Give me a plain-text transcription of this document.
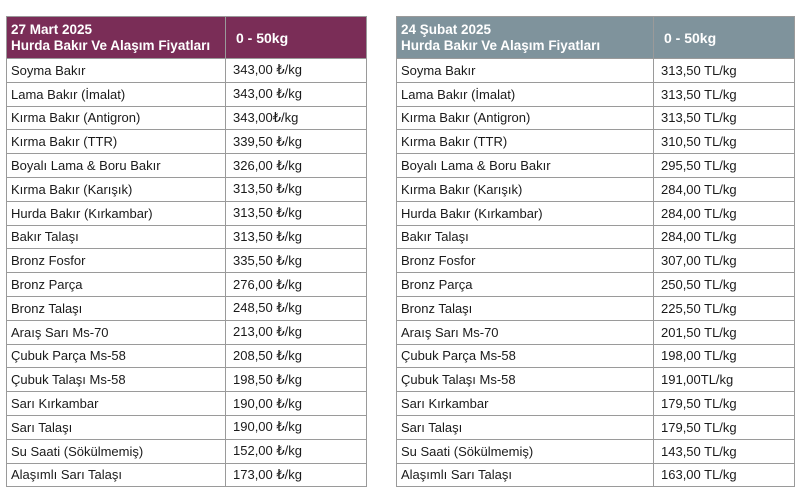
27 Mart 2025
Hurda Bakır Ve Alaşım Fiyatları	0 - 50kg
Soyma Bakır	343,00 ₺/kg
Lama Bakır (İmalat)	343,00 ₺/kg
Kırma Bakır (Antigron)	343,00₺/kg
Kırma Bakır (TTR)	339,50 ₺/kg
Boyalı Lama & Boru Bakır	326,00 ₺/kg
Kırma Bakır (Karışık)	313,50 ₺/kg
Hurda Bakır (Kırkambar)	313,50 ₺/kg
Bakır Talaşı	313,50 ₺/kg
Bronz Fosfor	335,50 ₺/kg
Bronz Parça	276,00 ₺/kg
Bronz Talaşı	248,50 ₺/kg
Araış Sarı Ms-70	213,00 ₺/kg
Çubuk Parça Ms-58	208,50 ₺/kg
Çubuk Talaşı Ms-58	198,50 ₺/kg
Sarı Kırkambar	190,00 ₺/kg
Sarı Talaşı	190,00 ₺/kg
Su Saati (Sökülmemiş)	152,00 ₺/kg
Alaşımlı Sarı Talaşı	173,00 ₺/kg
24 Şubat 2025
Hurda Bakır Ve Alaşım Fiyatları	0 - 50kg
Soyma Bakır	313,50 TL/kg
Lama Bakır (İmalat)	313,50 TL/kg
Kırma Bakır (Antigron)	313,50 TL/kg
Kırma Bakır (TTR)	310,50 TL/kg
Boyalı Lama & Boru Bakır	295,50 TL/kg
Kırma Bakır (Karışık)	284,00 TL/kg
Hurda Bakır (Kırkambar)	284,00 TL/kg
Bakır Talaşı	284,00 TL/kg
Bronz Fosfor	307,00 TL/kg
Bronz Parça	250,50 TL/kg
Bronz Talaşı	225,50 TL/kg
Araış Sarı Ms-70	201,50 TL/kg
Çubuk Parça Ms-58	198,00 TL/kg
Çubuk Talaşı Ms-58	191,00TL/kg
Sarı Kırkambar	179,50 TL/kg
Sarı Talaşı	179,50 TL/kg
Su Saati (Sökülmemiş)	143,50 TL/kg
Alaşımlı Sarı Talaşı	163,00 TL/kg
